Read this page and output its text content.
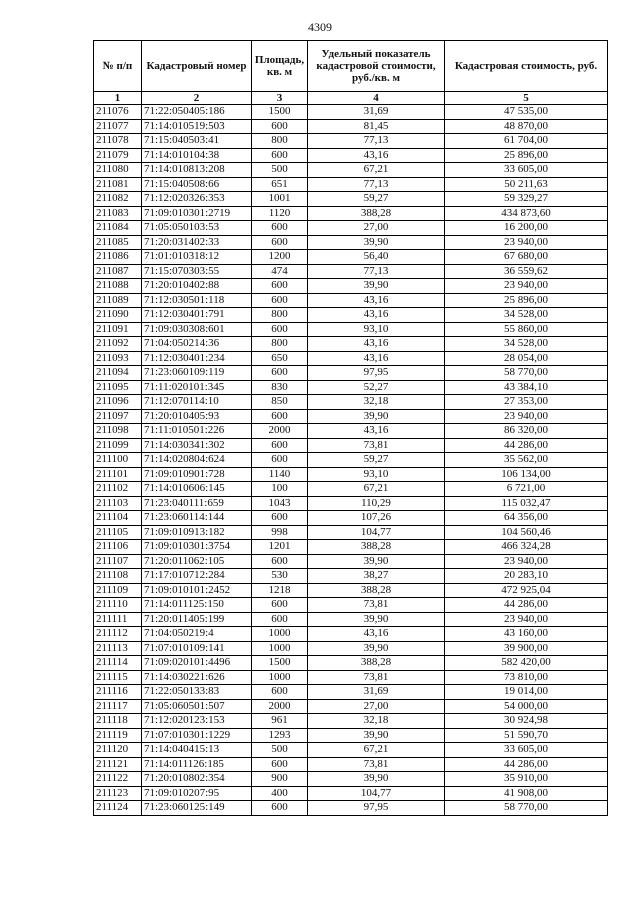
4309
№ п/п	Кадастровый номер	Площадь, кв. м	Удельный показатель кадастровой стоимости, руб./кв. м	Кадастровая стоимость, руб.
1	2	3	4	5
211076	71:22:050405:186	1500	31,69	47 535,00
211077	71:14:010519:503	600	81,45	48 870,00
211078	71:15:040503:41	800	77,13	61 704,00
211079	71:14:010104:38	600	43,16	25 896,00
211080	71:14:010813:208	500	67,21	33 605,00
211081	71:15:040508:66	651	77,13	50 211,63
211082	71:12:020326:353	1001	59,27	59 329,27
211083	71:09:010301:2719	1120	388,28	434 873,60
211084	71:05:050103:53	600	27,00	16 200,00
211085	71:20:031402:33	600	39,90	23 940,00
211086	71:01:010318:12	1200	56,40	67 680,00
211087	71:15:070303:55	474	77,13	36 559,62
211088	71:20:010402:88	600	39,90	23 940,00
211089	71:12:030501:118	600	43,16	25 896,00
211090	71:12:030401:791	800	43,16	34 528,00
211091	71:09:030308:601	600	93,10	55 860,00
211092	71:04:050214:36	800	43,16	34 528,00
211093	71:12:030401:234	650	43,16	28 054,00
211094	71:23:060109:119	600	97,95	58 770,00
211095	71:11:020101:345	830	52,27	43 384,10
211096	71:12:070114:10	850	32,18	27 353,00
211097	71:20:010405:93	600	39,90	23 940,00
211098	71:11:010501:226	2000	43,16	86 320,00
211099	71:14:030341:302	600	73,81	44 286,00
211100	71:14:020804:624	600	59,27	35 562,00
211101	71:09:010901:728	1140	93,10	106 134,00
211102	71:14:010606:145	100	67,21	6 721,00
211103	71:23:040111:659	1043	110,29	115 032,47
211104	71:23:060114:144	600	107,26	64 356,00
211105	71:09:010913:182	998	104,77	104 560,46
211106	71:09:010301:3754	1201	388,28	466 324,28
211107	71:20:011062:105	600	39,90	23 940,00
211108	71:17:010712:284	530	38,27	20 283,10
211109	71:09:010101:2452	1218	388,28	472 925,04
211110	71:14:011125:150	600	73,81	44 286,00
211111	71:20:011405:199	600	39,90	23 940,00
211112	71:04:050219:4	1000	43,16	43 160,00
211113	71:07:010109:141	1000	39,90	39 900,00
211114	71:09:020101:4496	1500	388,28	582 420,00
211115	71:14:030221:626	1000	73,81	73 810,00
211116	71:22:050133:83	600	31,69	19 014,00
211117	71:05:060501:507	2000	27,00	54 000,00
211118	71:12:020123:153	961	32,18	30 924,98
211119	71:07:010301:1229	1293	39,90	51 590,70
211120	71:14:040415:13	500	67,21	33 605,00
211121	71:14:011126:185	600	73,81	44 286,00
211122	71:20:010802:354	900	39,90	35 910,00
211123	71:09:010207:95	400	104,77	41 908,00
211124	71:23:060125:149	600	97,95	58 770,00
